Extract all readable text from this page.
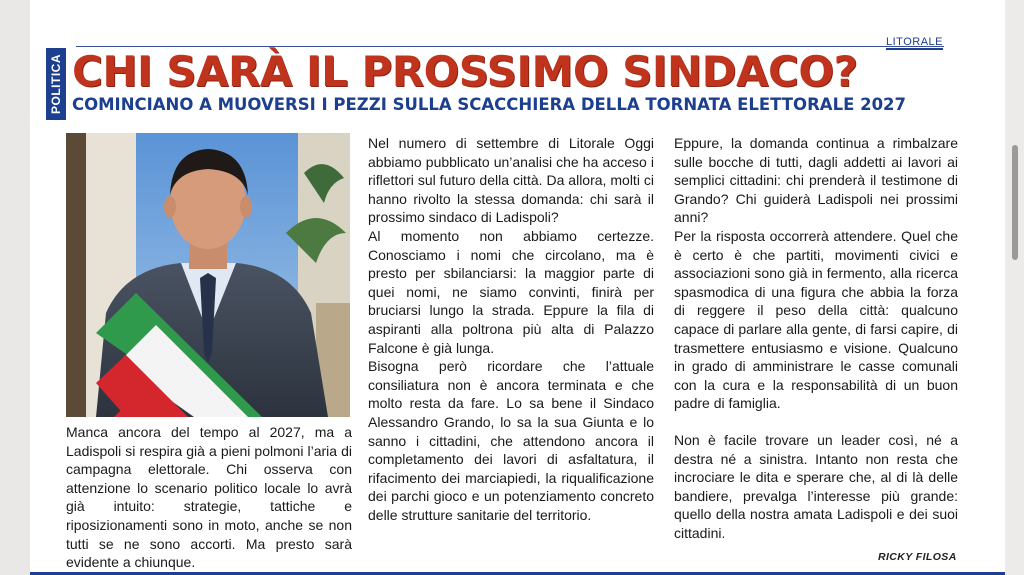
LITORALE
POLITICA CHI SARÀ IL PROSSIMO SINDACO?
COMINCIANO A MUOVERSI I PEZZI SULLA SCACCHIERA DELLA TORNATA ELETTORALE 2027

Manca ancora del tempo al 2027, ma a Ladispoli si respira già a pieni polmoni l’aria di campagna elettorale. Chi osserva con attenzione lo scenario politico locale lo avrà già intuito: strategie, tattiche e riposizionamenti sono in moto, anche se non tutti se ne sono accorti. Ma presto sarà evidente a chiunque.

Nel numero di settembre di Litorale Oggi abbiamo pubblicato un’analisi che ha acceso i riflettori sul futuro della città. Da allora, molti ci hanno rivolto la stessa domanda: chi sarà il prossimo sindaco di Ladispoli?

Al momento non abbiamo certezze. Conosciamo i nomi che circolano, ma è presto per sbilanciarsi: la maggior parte di quei nomi, ne siamo convinti, finirà per bruciarsi lungo la strada. Eppure la fila di aspiranti alla poltrona più alta di Palazzo Falcone è già lunga.

Bisogna però ricordare che l’attuale consiliatura non è ancora terminata e che molto resta da fare. Lo sa bene il Sindaco Alessandro Grando, lo sa la sua Giunta e lo sanno i cittadini, che attendono ancora il completamento dei lavori di asfaltatura, il rifacimento dei marciapiedi, la riqualificazione dei parchi gioco e un potenziamento concreto delle strutture sanitarie del territorio.

Eppure, la domanda continua a rimbalzare sulle bocche di tutti, dagli addetti ai lavori ai semplici cittadini: chi prenderà il testimone di Grando? Chi guiderà Ladispoli nei prossimi anni?

Per la risposta occorrerà attendere. Quel che è certo è che partiti, movimenti civici e associazioni sono già in fermento, alla ricerca spasmodica di una figura che abbia la forza di reggere il peso della città: qualcuno capace di parlare alla gente, di farsi capire, di trasmettere entusiasmo e visione. Qualcuno in grado di amministrare le casse comunali con la cura e la responsabilità di un buon padre di famiglia.

Non è facile trovare un leader così, né a destra né a sinistra. Intanto non resta che incrociare le dita e sperare che, al di là delle bandiere, prevalga l’interesse più grande: quello della nostra amata Ladispoli e dei suoi cittadini.

RICKY FILOSA
